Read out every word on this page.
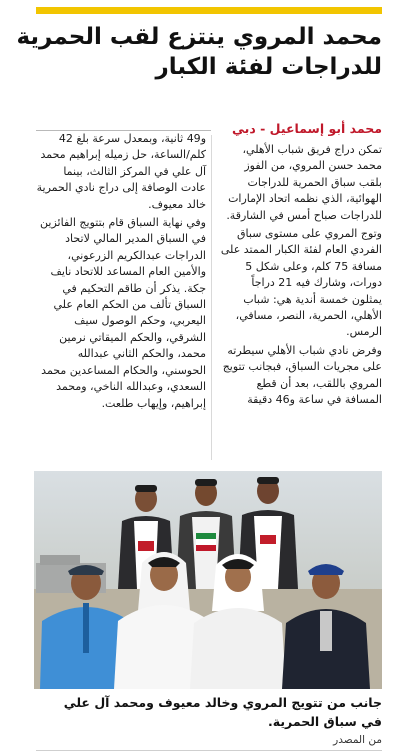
محمد المروي ينتزع لقب الحمرية
للدراجات لفئة الكبار
محمد أبو إسماعيل - دبي

تمكن دراج فريق شباب الأهلي، محمد حسن المروي، من الفوز بلقب سباق الحمرية للدراجات الهوائية، الذي نظمه اتحاد الإمارات للدراجات صباح أمس في الشارقة.

وتوج المروي على مستوى سباق الفردي العام لفئة الكبار الممتد على مسافة 75 كلم، وعلى شكل 5 دورات، وشارك فيه 21 دراجاً يمثلون خمسة أندية هي: شباب الأهلي، الحمرية، النصر، مسافي، الرمس.

وفرض نادي شباب الأهلي سيطرته على مجريات السباق، فبجانب تتويج المروي باللقب، بعد أن قطع المسافة في ساعة و46 دقيقة

و49 ثانية، وبمعدل سرعة بلغ 42 كلم/الساعة، حل زميله إبراهيم محمد آل علي في المركز الثالث، بينما عادت الوصافة إلى دراج نادي الحمرية خالد معيوف.

وفي نهاية السباق قام بتتويج الفائزين في السباق المدير المالي لاتحاد الدراجات عبدالكريم الزرعوني، والأمين العام المساعد للاتحاد نايف جكة. يذكر أن طاقم التحكيم في السباق تألف من الحكم العام علي اليعربي، وحكم الوصول سيف الشرقي، والحكم الميقاتي نرمين محمد، والحكم الثاني عبدالله الحوسني، والحكام المساعدين محمد السعدي، وعبدالله الناخي، ومحمد إبراهيم، وإيهاب طلعت.

جانب من تتويج المروي وخالد معيوف ومحمد آل علي
في سباق الحمرية.
من المصدر
